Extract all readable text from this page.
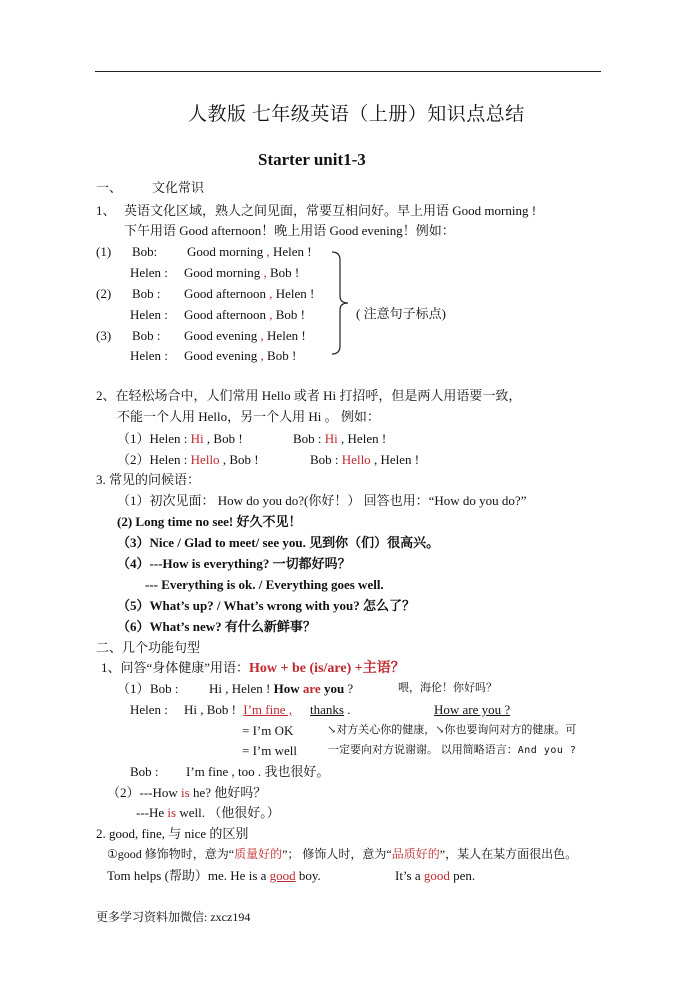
人教版 七年级英语（上册）知识点总结
Starter unit1-3
一、 文化常识
1、 英语文化区域，熟人之间见面，常要互相问好。早上用语 Good morning !
下午用语 Good afternoon！晚上用语 Good evening！例如：
(1) Bob: Good morning , Helen !
Helen : Good morning , Bob !
(2) Bob : Good afternoon , Helen !
Helen : Good afternoon , Bob !
(3) Bob : Good evening , Helen !
Helen : Good evening , Bob !
( 注意句子标点)
2、在轻松场合中，人们常用 Hello 或者 Hi 打招呼，但是两人用语要一致，
不能一个人用 Hello，另一个人用 Hi 。 例如：
（1）Helen : Hi , Bob !	Bob : Hi , Helen !
（2）Helen : Hello , Bob !	Bob : Hello , Helen !
3. 常见的问候语：
（1）初次见面： How do you do?(你好！） 回答也用：“How do you do?”
(2) Long time no see! 好久不见！
（3）Nice / Glad to meet/ see you. 见到你（们）很高兴。
（4）---How is everything? 一切都好吗？
--- Everything is ok. / Everything goes well.
（5）What’s up? / What’s wrong with you? 怎么了？
（6）What’s new? 有什么新鲜事？
二、几个功能句型
1、问答“身体健康”用语：How + be (is/are) +主语？
（1） Bob : Hi , Helen ! How are you ?	喂，海伦！你好吗？
Helen : Hi , Bob ! I’m fine , thanks .	How are you ?
= I’m OK	↘对方关心你的健康，↘你也要询问对方的健康。可
= I’m well	一定要向对方说谢谢。 以用简略语言：And you ?
Bob : I’m fine , too . 我也很好。
（2）---How is he? 他好吗？
---He is well. （他很好。）
2. good, fine, 与 nice 的区别
①good 修饰物时，意为“质量好的”； 修饰人时，意为“品质好的”，某人在某方面很出色。
Tom helps (帮助）me. He is a good boy.	It’s a good pen.
更多学习资料加微信: zxcz194
